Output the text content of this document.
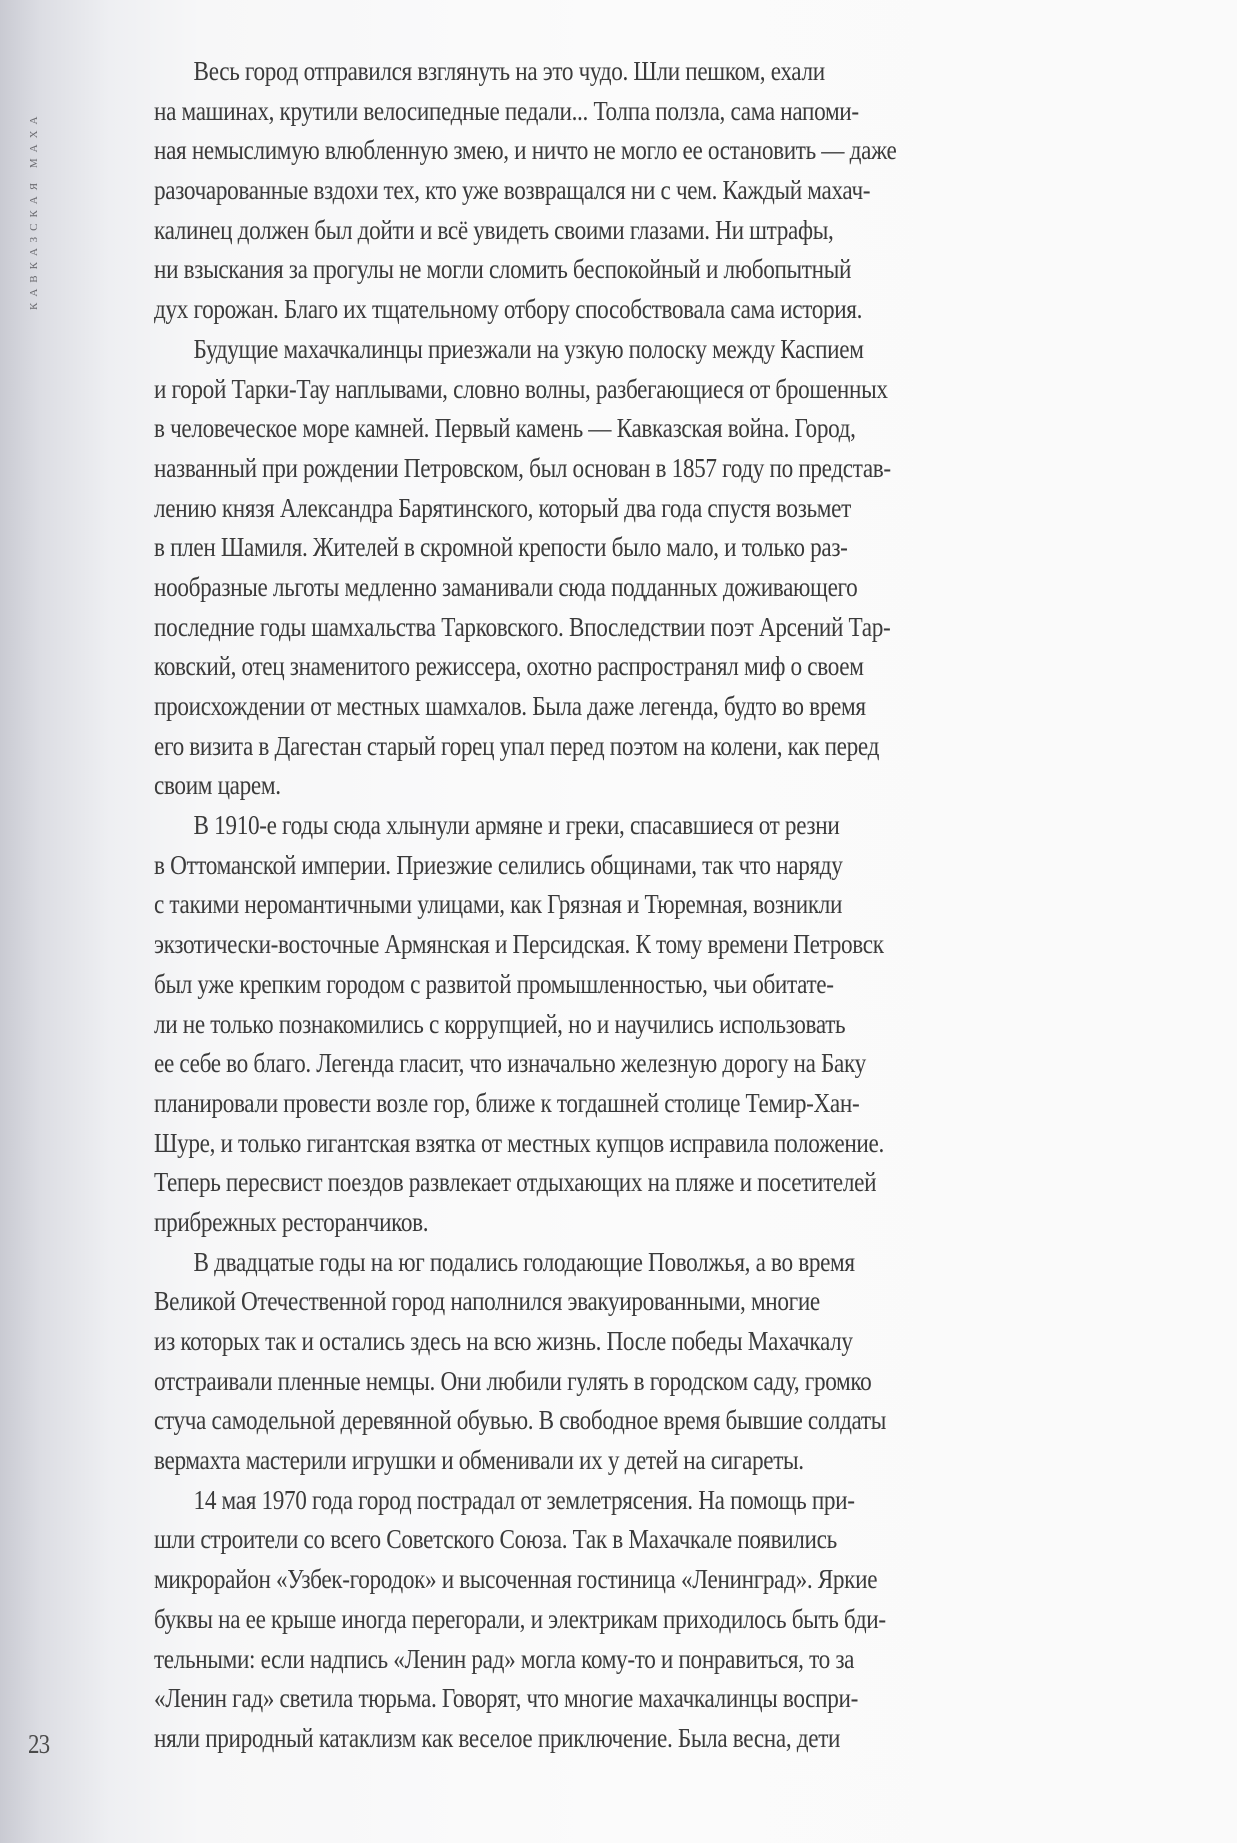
КАВКАЗСКАЯ МАХА
Весь город отправился взглянуть на это чудо. Шли пешком, ехали
на машинах, крутили велосипедные педали... Толпа ползла, сама напоми-
ная немыслимую влюбленную змею, и ничто не могло ее остановить — даже
разочарованные вздохи тех, кто уже возвращался ни с чем. Каждый махач-
калинец должен был дойти и всё увидеть своими глазами. Ни штрафы,
ни взыскания за прогулы не могли сломить беспокойный и любопытный
дух горожан. Благо их тщательному отбору способствовала сама история.
Будущие махачкалинцы приезжали на узкую полоску между Каспием
и горой Тарки-Тау наплывами, словно волны, разбегающиеся от брошенных
в человеческое море камней. Первый камень — Кавказская война. Город,
названный при рождении Петровском, был основан в 1857 году по представ-
лению князя Александра Барятинского, который два года спустя возьмет
в плен Шамиля. Жителей в скромной крепости было мало, и только раз-
нообразные льготы медленно заманивали сюда подданных доживающего
последние годы шамхальства Тарковского. Впоследствии поэт Арсений Тар-
ковский, отец знаменитого режиссера, охотно распространял миф о своем
происхождении от местных шамхалов. Была даже легенда, будто во время
его визита в Дагестан старый горец упал перед поэтом на колени, как перед
своим царем.
В 1910-е годы сюда хлынули армяне и греки, спасавшиеся от резни
в Оттоманской империи. Приезжие селились общинами, так что наряду
с такими неромантичными улицами, как Грязная и Тюремная, возникли
экзотически-восточные Армянская и Персидская. К тому времени Петровск
был уже крепким городом с развитой промышленностью, чьи обитате-
ли не только познакомились с коррупцией, но и научились использовать
ее себе во благо. Легенда гласит, что изначально железную дорогу на Баку
планировали провести возле гор, ближе к тогдашней столице Темир-Хан-
Шуре, и только гигантская взятка от местных купцов исправила положение.
Теперь пересвист поездов развлекает отдыхающих на пляже и посетителей
прибрежных ресторанчиков.
В двадцатые годы на юг подались голодающие Поволжья, а во время
Великой Отечественной город наполнился эвакуированными, многие
из которых так и остались здесь на всю жизнь. После победы Махачкалу
отстраивали пленные немцы. Они любили гулять в городском саду, громко
стуча самодельной деревянной обувью. В свободное время бывшие солдаты
вермахта мастерили игрушки и обменивали их у детей на сигареты.
14 мая 1970 года город пострадал от землетрясения. На помощь при-
шли строители со всего Советского Союза. Так в Махачкале появились
микрорайон «Узбек-городок» и высоченная гостиница «Ленинград». Яркие
буквы на ее крыше иногда перегорали, и электрикам приходилось быть бди-
тельными: если надпись «Ленин рад» могла кому-то и понравиться, то за
«Ленин гад» светила тюрьма. Говорят, что многие махачкалинцы воспри-
няли природный катаклизм как веселое приключение. Была весна, дети
23
